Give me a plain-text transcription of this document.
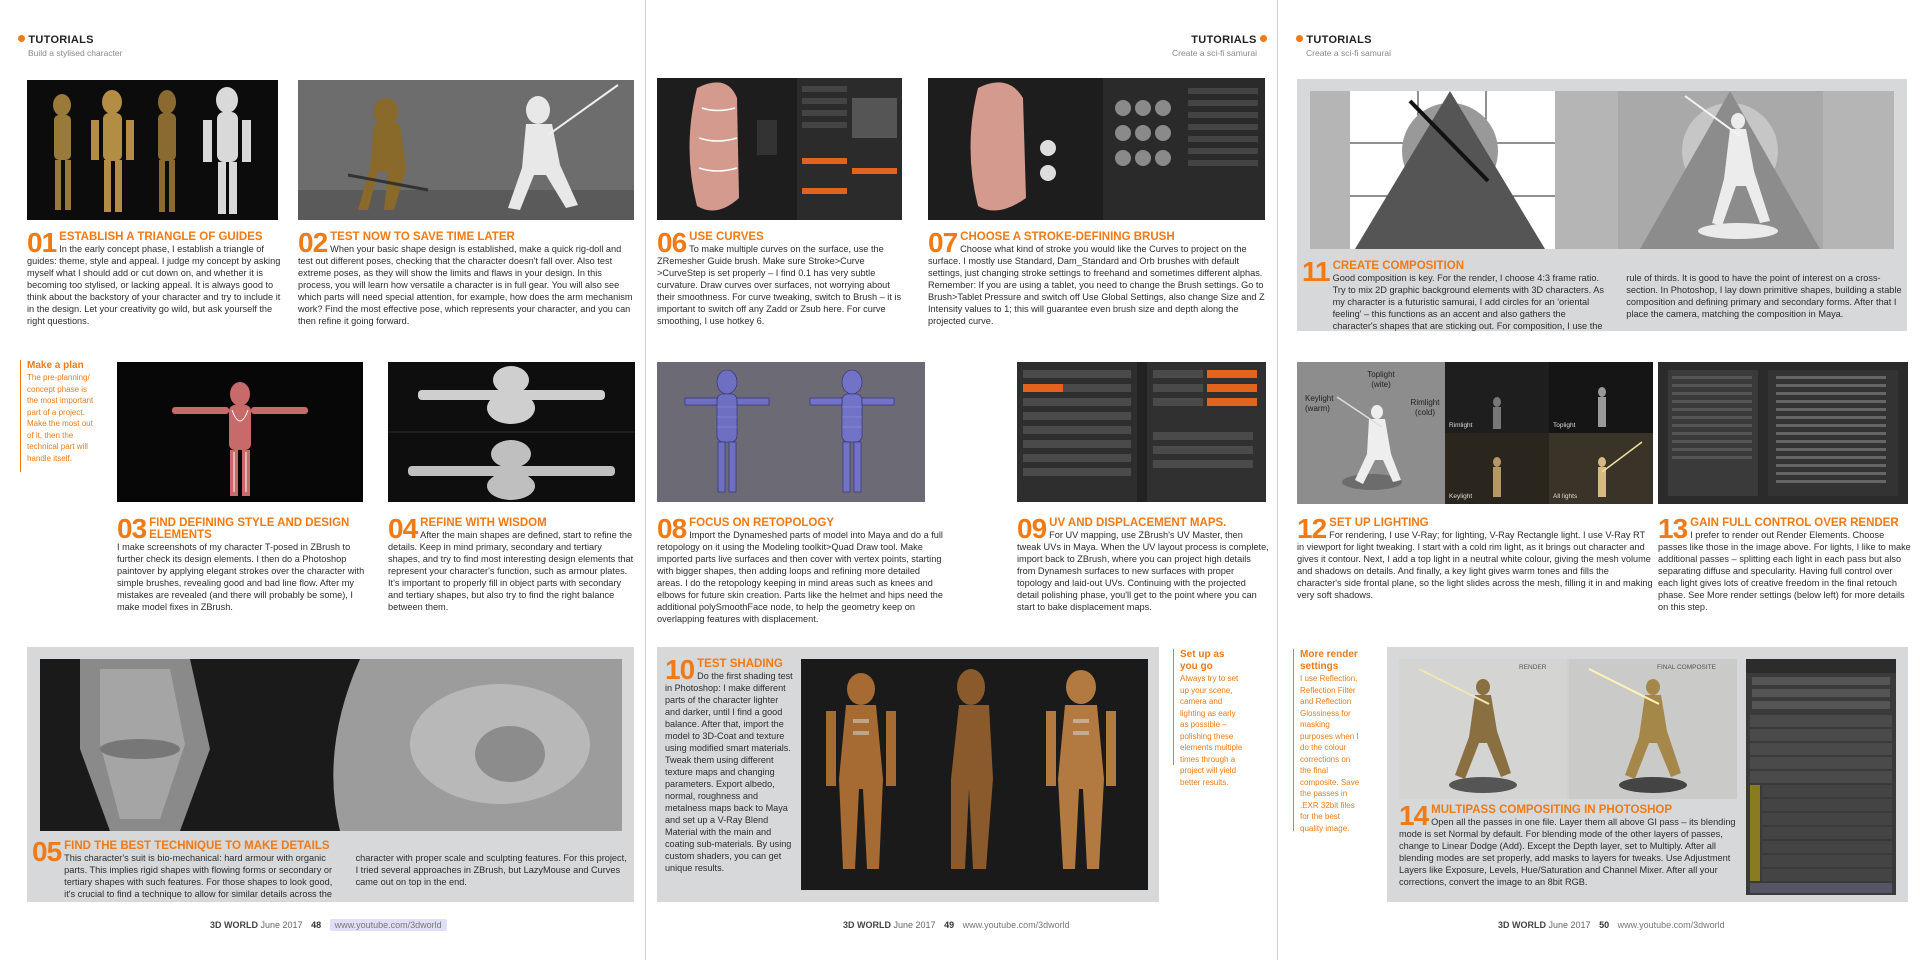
TUTORIALS
Build a stylised character
01 ESTABLISH A TRIANGLE OF GUIDES
In the early concept phase, I establish a triangle of guides: theme, style and appeal. I judge my concept by asking myself what I should add or cut down on, and whether it is becoming too stylised, or lacking appeal. It is always good to think about the backstory of your character and try to include it in the design. Let your creativity go wild, but ask yourself the right questions.
02 TEST NOW TO SAVE TIME LATER
When your basic shape design is established, make a quick rig-doll and test out different poses, checking that the character doesn't fall over. Also test extreme poses, as they will show the limits and flaws in your design. In this process, you will learn how versatile a character is in full gear. You will also see which parts will need special attention, for example, how does the arm mechanism work? Find the most effective pose, which represents your character, and you can then refine it going forward.
Make a plan
The pre-planning/ concept phase is the most important part of a project. Make the most out of it, then the technical part will handle itself.
03 FIND DEFINING STYLE AND DESIGN ELEMENTS
I make screenshots of my character T-posed in ZBrush to further check its design elements. I then do a Photoshop paintover by applying elegant strokes over the character with simple brushes, revealing good and bad line flow. After my mistakes are revealed (and there will probably be some), I make model fixes in ZBrush.
04 REFINE WITH WISDOM
After the main shapes are defined, start to refine the details. Keep in mind primary, secondary and tertiary shapes, and try to find most interesting design elements that represent your character's function, such as armour plates. It's important to properly fill in object parts with secondary and tertiary shapes, but also try to find the right balance between them.
05 FIND THE BEST TECHNIQUE TO MAKE DETAILS
This character's suit is bio-mechanical: hard armour with organic parts. This implies rigid shapes with flowing forms or secondary or tertiary shapes with such features. For those shapes to look good, it's crucial to find a technique to allow for similar details across the character with proper scale and sculpting features. For this project, I tried several approaches in ZBrush, but LazyMouse and Curves came out on top in the end.
3D WORLD June 2017 48 www.youtube.com/3dworld
TUTORIALS
Create a sci-fi samurai
06 USE CURVES
To make multiple curves on the surface, use the ZRemesher Guide brush. Make sure Stroke>Curve >CurveStep is set properly – I find 0.1 has very subtle curvature. Draw curves over surfaces, not worrying about their smoothness. For curve tweaking, switch to Brush – it is important to switch off any Zadd or Zsub here. For curve smoothing, I use hotkey 6.
07 CHOOSE A STROKE-DEFINING BRUSH
Choose what kind of stroke you would like the Curves to project on the surface. I mostly use Standard, Dam_Standard and Orb brushes with default settings, just changing stroke settings to freehand and sometimes different alphas. Remember: If you are using a tablet, you need to change the Brush settings. Go to Brush>Tablet Pressure and switch off Use Global Settings, also change Size and Z Intensity values to 1; this will guarantee even brush size and depth along the projected curve.
08 FOCUS ON RETOPOLOGY
Import the Dynameshed parts of model into Maya and do a full retopology on it using the Modeling toolkit>Quad Draw tool. Make imported parts live surfaces and then cover with vertex points, starting with bigger shapes, then adding loops and refining more detailed areas. I do the retopology keeping in mind areas such as knees and elbows for future skin creation. Parts like the helmet and hips need the additional polySmoothFace node, to help the geometry keep on overlapping features with displacement.
09 UV AND DISPLACEMENT MAPS.
For UV mapping, use ZBrush's UV Master, then tweak UVs in Maya. When the UV layout process is complete, import back to ZBrush, where you can project high details from Dynamesh surfaces to new surfaces with proper topology and laid-out UVs. Continuing with the projected detail polishing phase, you'll get to the point where you can start to bake displacement maps.
10 TEST SHADING
Do the first shading test in Photoshop: I make different parts of the character lighter and darker, until I find a good balance. After that, import the model to 3D-Coat and texture using modified smart materials. Tweak them using different texture maps and changing parameters. Export albedo, normal, roughness and metalness maps back to Maya and set up a V-Ray Blend Material with the main and coating sub-materials. By using custom shaders, you can get unique results.
Set up as you go
Always try to set up your scene, camera and lighting as early as possible – polishing these elements multiple times through a project will yield better results.
3D WORLD June 2017 49 www.youtube.com/3dworld
TUTORIALS
Create a sci-fi samurai
11 CREATE COMPOSITION
Good composition is key. For the render, I choose 4:3 frame ratio. Try to mix 2D graphic background elements with 3D characters. As my character is a futuristic samurai, I add circles for an 'oriental feeling' – this functions as an accent and also gathers the character's shapes that are sticking out. For composition, I use the rule of thirds. It is good to have the point of interest on a cross-section. In Photoshop, I lay down primitive shapes, building a stable composition and defining primary and secondary forms. After that I place the camera, matching the composition in Maya.
Keylight (warm)
Toplight (wite)
Rimlight (cold)
Rimlight	Toplight
Keylight	All lights
12 SET UP LIGHTING
For rendering, I use V-Ray; for lighting, V-Ray Rectangle light. I use V-Ray RT in viewport for light tweaking. I start with a cold rim light, as it brings out character and gives it contour. Next, I add a top light in a neutral white colour, giving the mesh volume and shadows on details. And finally, a key light gives warm tones and fills the character's side frontal plane, so the light slides across the mesh, filling it in and making very soft shadows.
13 GAIN FULL CONTROL OVER RENDER
I prefer to render out Render Elements. Choose passes like those in the image above. For lights, I like to make additional passes – splitting each light in each pass but also separating diffuse and specularity. Having full control over each light gives lots of creative freedom in the final retouch phase. See More render settings (below left) for more details on this step.
More render settings
I use Reflection, Reflection Filter and Reflection Glossiness for masking purposes when I do the colour corrections on the final composite. Save the passes in .EXR 32bit files for the best quality image.
RENDER	FINAL COMPOSITE
14 MULTIPASS COMPOSITING IN PHOTOSHOP
Open all the passes in one file. Layer them all above GI pass – its blending mode is set Normal by default. For blending mode of the other layers of passes, change to Linear Dodge (Add). Except the Depth layer, set to Multiply. After all blending modes are set properly, add masks to layers for tweaks. Use Adjustment Layers like Exposure, Levels, Hue/Saturation and Channel Mixer. After all your corrections, convert the image to an 8bit RGB.
3D WORLD June 2017 50 www.youtube.com/3dworld
